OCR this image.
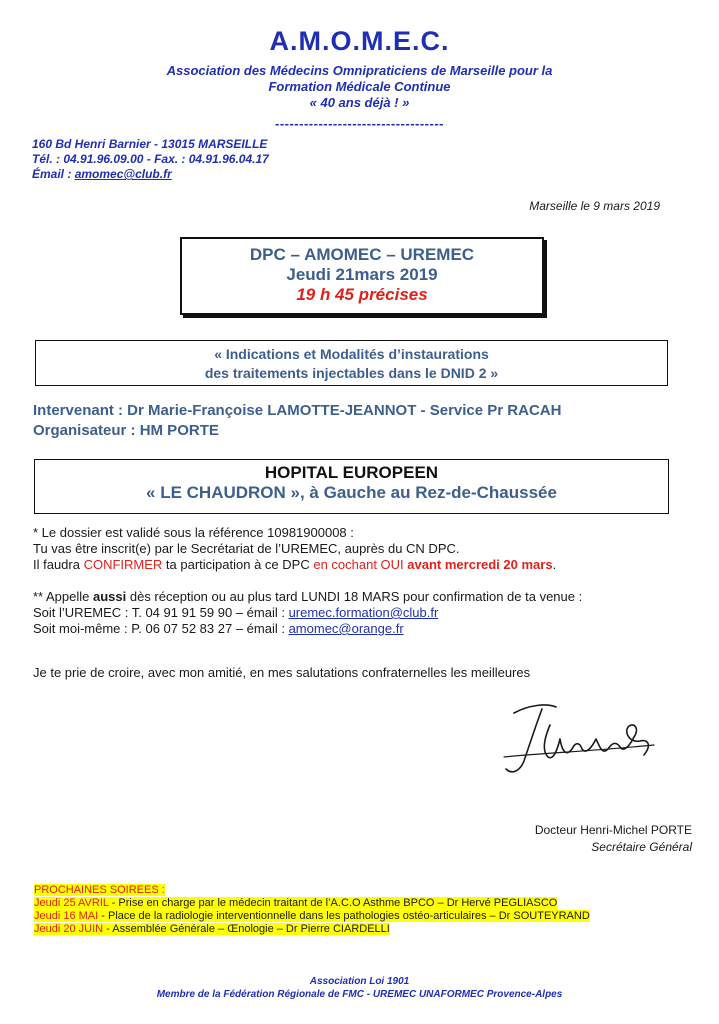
A.M.O.M.E.C.
Association des Médecins Omnipraticiens de Marseille pour la
Formation Médicale Continue
« 40 ans déjà ! »
-----------------------------------
160 Bd Henri Barnier - 13015 MARSEILLE
Tél. : 04.91.96.09.00 - Fax. : 04.91.96.04.17
Émail : amomec@club.fr
Marseille le 9 mars 2019
DPC – AMOMEC – UREMEC
Jeudi 21mars 2019
19 h 45 précises
« Indications et Modalités d’instaurations
des traitements injectables dans le DNID 2 »
Intervenant : Dr Marie-Françoise LAMOTTE-JEANNOT - Service Pr RACAH
Organisateur : HM PORTE
HOPITAL EUROPEEN
« LE CHAUDRON », à Gauche au Rez-de-Chaussée

* Le dossier est validé sous la référence 10981900008 :

Tu vas être inscrit(e) par le Secrétariat de l’UREMEC, auprès du CN DPC.

Il faudra CONFIRMER ta participation à ce DPC en cochant OUI avant mercredi 20 mars.

** Appelle aussi dès réception ou au plus tard LUNDI 18 MARS pour confirmation de ta venue :

Soit l’UREMEC : T. 04 91 91 59 90 – émail : uremec.formation@club.fr

Soit moi-même : P. 06 07 52 83 27 – émail : amomec@orange.fr

Je te prie de croire, avec mon amitié, en mes salutations confraternelles les meilleures
Docteur Henri-Michel PORTE
Secrétaire Général
PROCHAINES SOIREES :
Jeudi 25 AVRIL - Prise en charge par le médecin traitant de l’A.C.O Asthme BPCO – Dr Hervé PEGLIASCO
Jeudi 16 MAI - Place de la radiologie interventionnelle dans les pathologies ostéo-articulaires – Dr SOUTEYRAND
Jeudi 20 JUIN - Assemblée Générale – Œnologie – Dr Pierre CIARDELLI
Association Loi 1901
Membre de la Fédération Régionale de FMC - UREMEC UNAFORMEC Provence-Alpes
